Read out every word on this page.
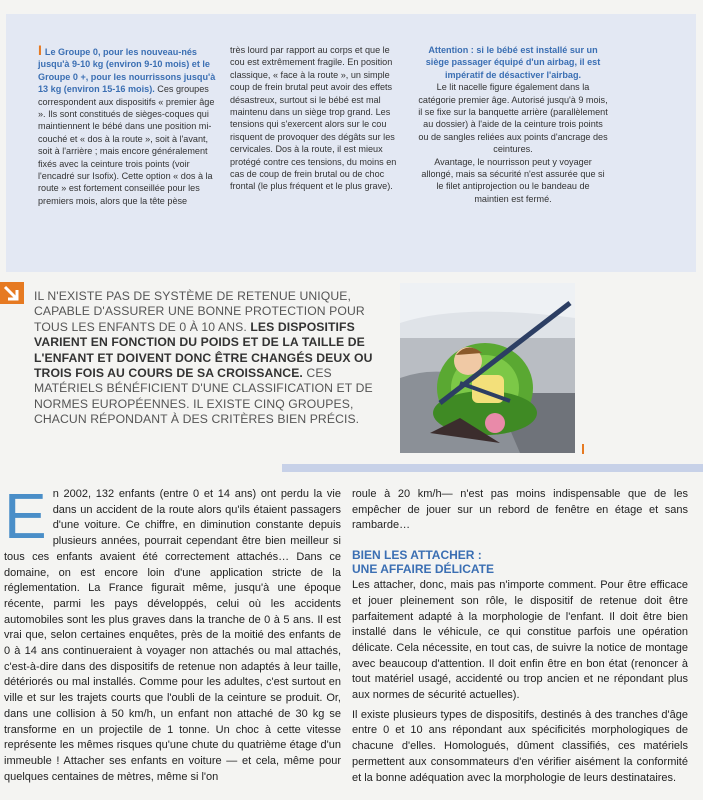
I Le Groupe 0, pour les nouveau-nés jusqu'à 9-10 kg (environ 9-10 mois) et le Groupe 0 +, pour les nourrissons jusqu'à 13 kg (environ 15-16 mois). Ces groupes correspondent aux dispositifs « premier âge ». Ils sont constitués de sièges-coques qui maintiennent le bébé dans une position mi-couché et « dos à la route », soit à l'avant, soit à l'arrière ; mais encore généralement fixés avec la ceinture trois points (voir l'encadré sur Isofix). Cette option « dos à la route » est fortement conseillée pour les premiers mois, alors que la tête pèse
très lourd par rapport au corps et que le cou est extrêmement fragile. En position classique, « face à la route », un simple coup de frein brutal peut avoir des effets désastreux, surtout si le bébé est mal maintenu dans un siège trop grand. Les tensions qui s'exercent alors sur le cou risquent de provoquer des dégâts sur les cervicales. Dos à la route, il est mieux protégé contre ces tensions, du moins en cas de coup de frein brutal ou de choc frontal (le plus fréquent et le plus grave).

Attention : si le bébé est installé sur un siège passager équipé d'un airbag, il est impératif de désactiver l'airbag.

Le lit nacelle figure également dans la catégorie premier âge. Autorisé jusqu'à 9 mois, il se fixe sur la banquette arrière (parallèlement au dossier) à l'aide de la ceinture trois points ou de sangles reliées aux points d'ancrage des ceintures.

Avantage, le nourrisson peut y voyager allongé, mais sa sécurité n'est assurée que si le filet antiprojection ou le bandeau de maintien est fermé.

IL N'EXISTE PAS DE SYSTÈME DE RETENUE UNIQUE, CAPABLE D'ASSURER UNE BONNE PROTECTION POUR TOUS LES ENFANTS DE 0 À 10 ANS. LES DISPOSITIFS VARIENT EN FONCTION DU POIDS ET DE LA TAILLE DE L'ENFANT ET DOIVENT DONC ÊTRE CHANGÉS DEUX OU TROIS FOIS AU COURS DE SA CROISSANCE. CES MATÉRIELS BÉNÉFICIENT D'UNE CLASSIFICATION ET DE NORMES EUROPÉENNES. IL EXISTE CINQ GROUPES, CHACUN RÉPONDANT À DES CRITÈRES BIEN PRÉCIS.
En 2002, 132 enfants (entre 0 et 14 ans) ont perdu la vie dans un accident de la route alors qu'ils étaient passagers d'une voiture. Ce chiffre, en diminution constante depuis plusieurs années, pourrait cependant être bien meilleur si tous ces enfants avaient été correctement attachés… Dans ce domaine, on est encore loin d'une application stricte de la réglementation. La France figurait même, jusqu'à une époque récente, parmi les pays développés, celui où les accidents automobiles sont les plus graves dans la tranche de 0 à 5 ans. Il est vrai que, selon certaines enquêtes, près de la moitié des enfants de 0 à 14 ans continueraient à voyager non attachés ou mal attachés, c'est-à-dire dans des dispositifs de retenue non adaptés à leur taille, détériorés ou mal installés. Comme pour les adultes, c'est surtout en ville et sur les trajets courts que l'oubli de la ceinture se produit. Or, dans une collision à 50 km/h, un enfant non attaché de 30 kg se transforme en un projectile de 1 tonne. Un choc à cette vitesse représente les mêmes risques qu'une chute du quatrième étage d'un immeuble ! Attacher ses enfants en voiture — et cela, même pour quelques centaines de mètres, même si l'on

roule à 20 km/h— n'est pas moins indispensable que de les empêcher de jouer sur un rebord de fenêtre en étage et sans rambarde…

BIEN LES ATTACHER :

UNE AFFAIRE DÉLICATE

Les attacher, donc, mais pas n'importe comment. Pour être efficace et jouer pleinement son rôle, le dispositif de retenue doit être parfaitement adapté à la morphologie de l'enfant. Il doit être bien installé dans le véhicule, ce qui constitue parfois une opération délicate. Cela nécessite, en tout cas, de suivre la notice de montage avec beaucoup d'attention. Il doit enfin être en bon état (renoncer à tout matériel usagé, accidenté ou trop ancien et ne répondant plus aux normes de sécurité actuelles).

Il existe plusieurs types de dispositifs, destinés à des tranches d'âge entre 0 et 10 ans répondant aux spécificités morphologiques de chacune d'elles. Homologués, dûment classifiés, ces matériels permettent aux consommateurs d'en vérifier aisément la conformité et la bonne adéquation avec la morphologie de leurs destinataires.
